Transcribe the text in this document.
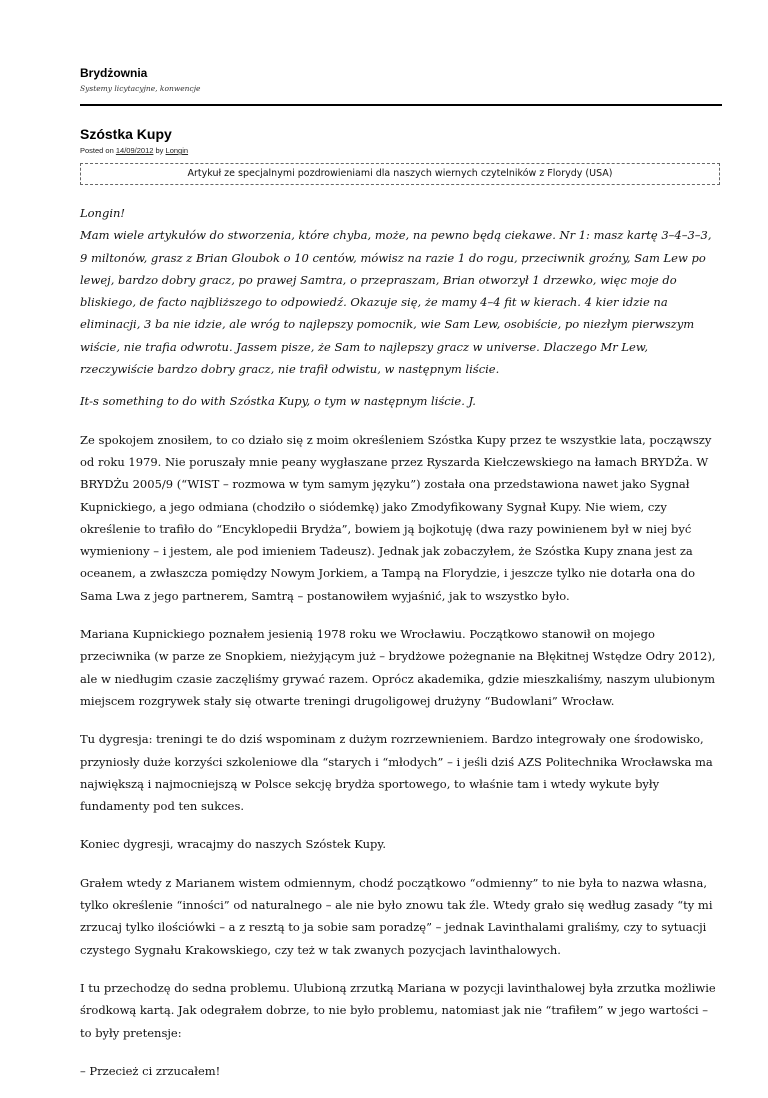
Brydżownia
Systemy licytacyjne, konwencje
Szóstka Kupy
Posted on 14/09/2012 by Longin
Artykuł ze specjalnymi pozdrowieniami dla naszych wiernych czytelników z Florydy (USA)

Longin!
Mam wiele artykułów do stworzenia, które chyba, może, na pewno będą ciekawe. Nr 1: masz kartę 3–4–3–3, 9 miltonów, grasz z Brian Gloubok o 10 centów, mówisz na razie 1 do rogu, przeciwnik groźny, Sam Lew po lewej, bardzo dobry gracz, po prawej Samtra, o przepraszam, Brian otworzył 1 drzewko, więc moje do bliskiego, de facto najbliższego to odpowiedź. Okazuje się, że mamy 4–4 fit w kierach. 4 kier idzie na eliminacji, 3 ba nie idzie, ale wróg to najlepszy pomocnik, wie Sam Lew, osobiście, po niezłym pierwszym wiście, nie trafia odwrotu. Jassem pisze, że Sam to najlepszy gracz w universe. Dlaczego Mr Lew, rzeczywiście bardzo dobry gracz, nie trafił odwistu, w następnym liście.

It-s something to do with Szóstka Kupy, o tym w następnym liście. J.

Ze spokojem znosiłem, to co działo się z moim określeniem Szóstka Kupy przez te wszystkie lata, począwszy od roku 1979. Nie poruszały mnie peany wygłaszane przez Ryszarda Kiełczewskiego na łamach BRYDŻa. W BRYDŻu 2005/9 (“WIST – rozmowa w tym samym języku”) została ona przedstawiona nawet jako Sygnał Kupnickiego, a jego odmiana (chodziło o siódemkę) jako Zmodyfikowany Sygnał Kupy. Nie wiem, czy określenie to trafiło do “Encyklopedii Brydża”, bowiem ją bojkotuję (dwa razy powinienem był w niej być wymieniony – i jestem, ale pod imieniem Tadeusz). Jednak jak zobaczyłem, że Szóstka Kupy znana jest za oceanem, a zwłaszcza pomiędzy Nowym Jorkiem, a Tampą na Florydzie, i jeszcze tylko nie dotarła ona do Sama Lwa z jego partnerem, Samtrą – postanowiłem wyjaśnić, jak to wszystko było.

Mariana Kupnickiego poznałem jesienią 1978 roku we Wrocławiu. Początkowo stanowił on mojego przeciwnika (w parze ze Snopkiem, nieżyjącym już – brydżowe pożegnanie na Błękitnej Wstędze Odry 2012), ale w niedługim czasie zaczęliśmy grywać razem. Oprócz akademika, gdzie mieszkaliśmy, naszym ulubionym miejscem rozgrywek stały się otwarte treningi drugoligowej drużyny “Budowlani” Wrocław.

Tu dygresja: treningi te do dziś wspominam z dużym rozrzewnieniem. Bardzo integrowały one środowisko, przyniosły duże korzyści szkoleniowe dla “starych i “młodych” – i jeśli dziś AZS Politechnika Wrocławska ma największą i najmocniejszą w Polsce sekcję brydża sportowego, to właśnie tam i wtedy wykute były fundamenty pod ten sukces.

Koniec dygresji, wracajmy do naszych Szóstek Kupy.

Grałem wtedy z Marianem wistem odmiennym, chodź początkowo “odmienny” to nie była to nazwa własna, tylko określenie “inności” od naturalnego – ale nie było znowu tak źle. Wtedy grało się według zasady “ty mi zrzucaj tylko ilościówki – a z resztą to ja sobie sam poradzę” – jednak Lavinthalami graliśmy, czy to sytuacji czystego Sygnału Krakowskiego, czy też w tak zwanych pozycjach lavinthalowych.

I tu przechodzę do sedna problemu. Ulubioną zrzutką Mariana w pozycji lavinthalowej była zrzutka możliwie środkową kartą. Jak odegrałem dobrze, to nie było problemu, natomiast jak nie “trafiłem” w jego wartości – to były pretensje:

– Przecież ci zrzucałem!
